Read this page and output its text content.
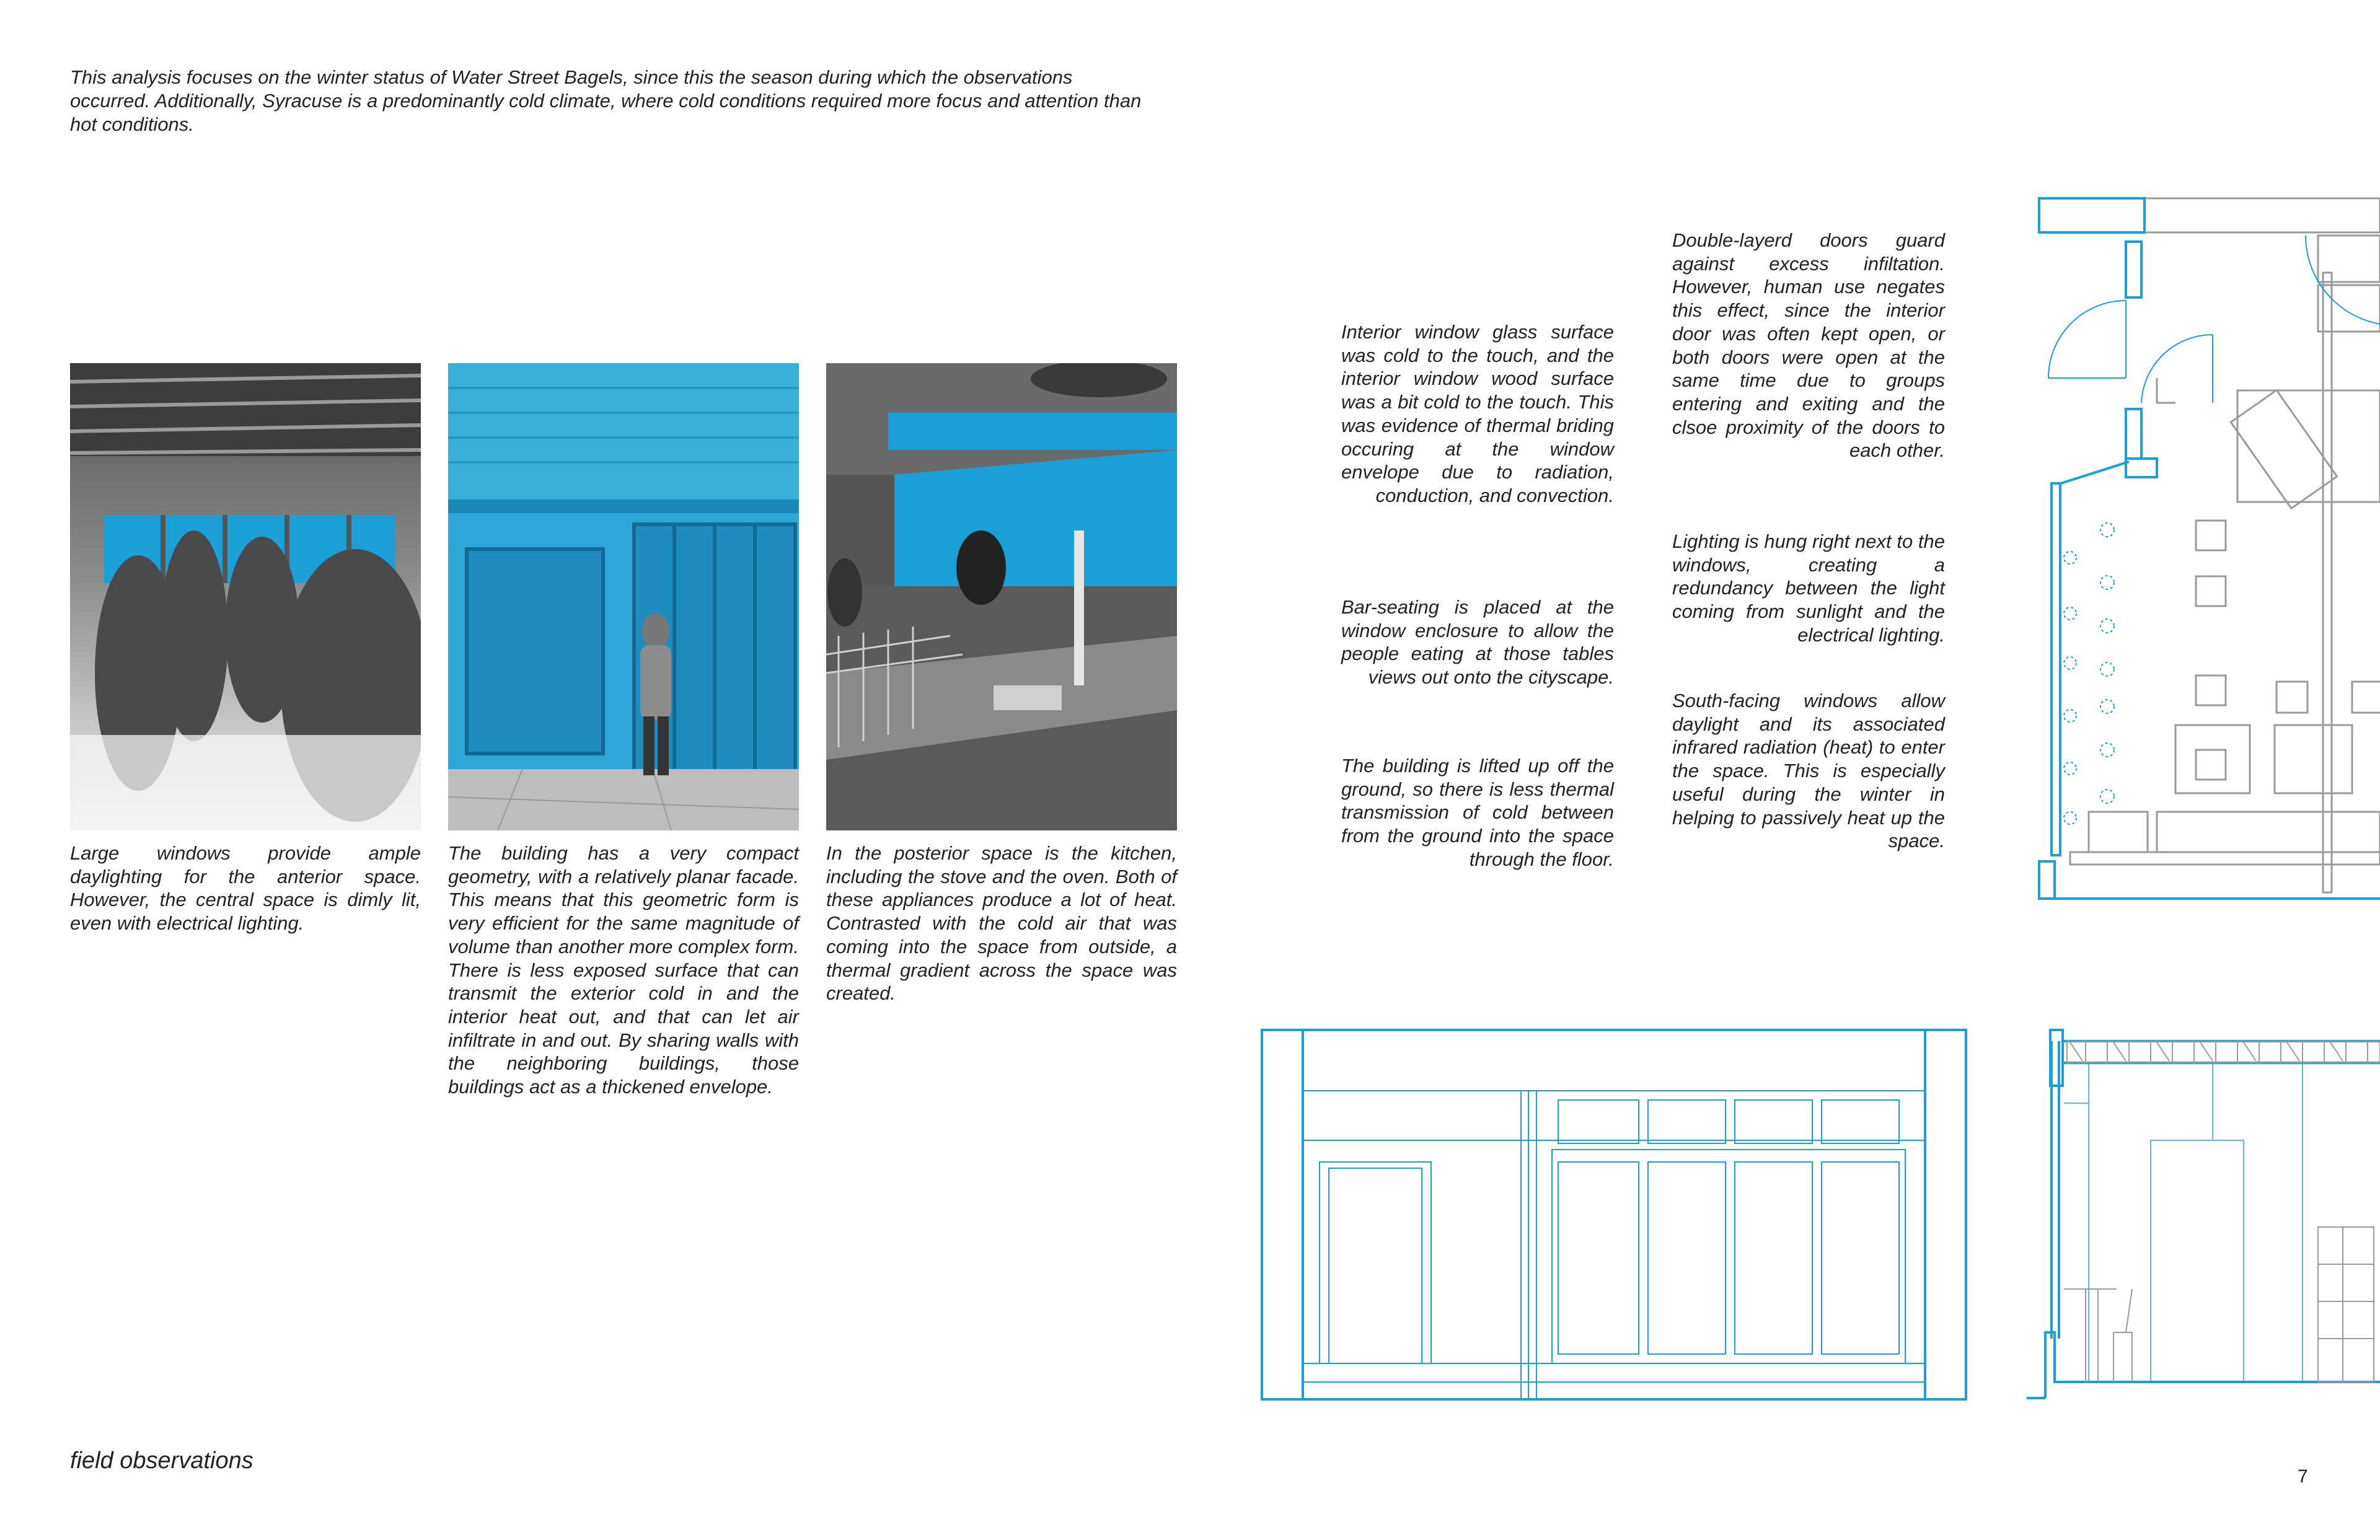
This analysis focuses on the winter status of Water Street Bagels, since this the season during which the observations occurred. Additionally, Syracuse is a predominantly cold climate, where cold conditions required more focus and attention than hot conditions.

Large windows provide ample daylighting for the anterior space. However, the central space is dimly lit, even with electrical lighting.

The building has a very compact geometry, with a relatively planar facade. This means that this geometric form is very efficient for the same magnitude of volume than another more complex form. There is less exposed surface that can transmit the exterior cold in and the interior heat out, and that can let air infiltrate in and out. By sharing walls with the neighboring buildings, those buildings act as a thickened envelope.

In the posterior space is the kitchen, including the stove and the oven. Both of these appliances produce a lot of heat. Contrasted with the cold air that was coming into the space from outside, a thermal gradient across the space was created.

Interior window glass surface was cold to the touch, and the interior window wood surface was a bit cold to the touch. This was evidence of thermal briding occuring at the window envelope due to radiation, conduction, and convection.

Bar-seating is placed at the window enclosure to allow the people eating at those tables views out onto the cityscape.

The building is lifted up off the ground, so there is less thermal transmission of cold between from the ground into the space through the floor.

Double-layerd doors guard against excess infiltation. However, human use negates this effect, since the interior door was often kept open, or both doors were open at the same time due to groups entering and exiting and the clsoe proximity of the doors to each other.

Lighting is hung right next to the windows, creating a redundancy between the light coming from sunlight and the electrical lighting.

South-facing windows allow daylight and its associated infrared radiation (heat) to enter the space. This is especially useful during the winter in helping to passively heat up the space.

field observations
7
